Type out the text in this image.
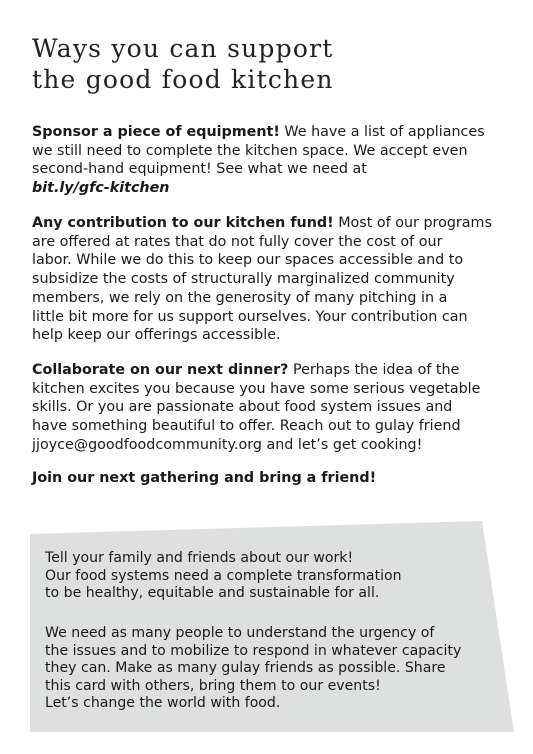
Ways you can support
the good food kitchen

Sponsor a piece of equipment! We have a list of appliances
we still need to complete the kitchen space. We accept even
second-hand equipment! See what we need at
bit.ly/gfc-kitchen

Any contribution to our kitchen fund! Most of our programs
are offered at rates that do not fully cover the cost of our
labor. While we do this to keep our spaces accessible and to
subsidize the costs of structurally marginalized community
members, we rely on the generosity of many pitching in a
little bit more for us support ourselves. Your contribution can
help keep our offerings accessible.

Collaborate on our next dinner? Perhaps the idea of the
kitchen excites you because you have some serious vegetable
skills. Or you are passionate about food system issues and
have something beautiful to offer. Reach out to gulay friend
jjoyce@goodfoodcommunity.org and let’s get cooking!

Join our next gathering and bring a friend!

Tell your family and friends about our work!
Our food systems need a complete transformation
to be healthy, equitable and sustainable for all.
We need as many people to understand the urgency of
the issues and to mobilize to respond in whatever capacity
they can. Make as many gulay friends as possible. Share
this card with others, bring them to our events!
Let’s change the world with food.
